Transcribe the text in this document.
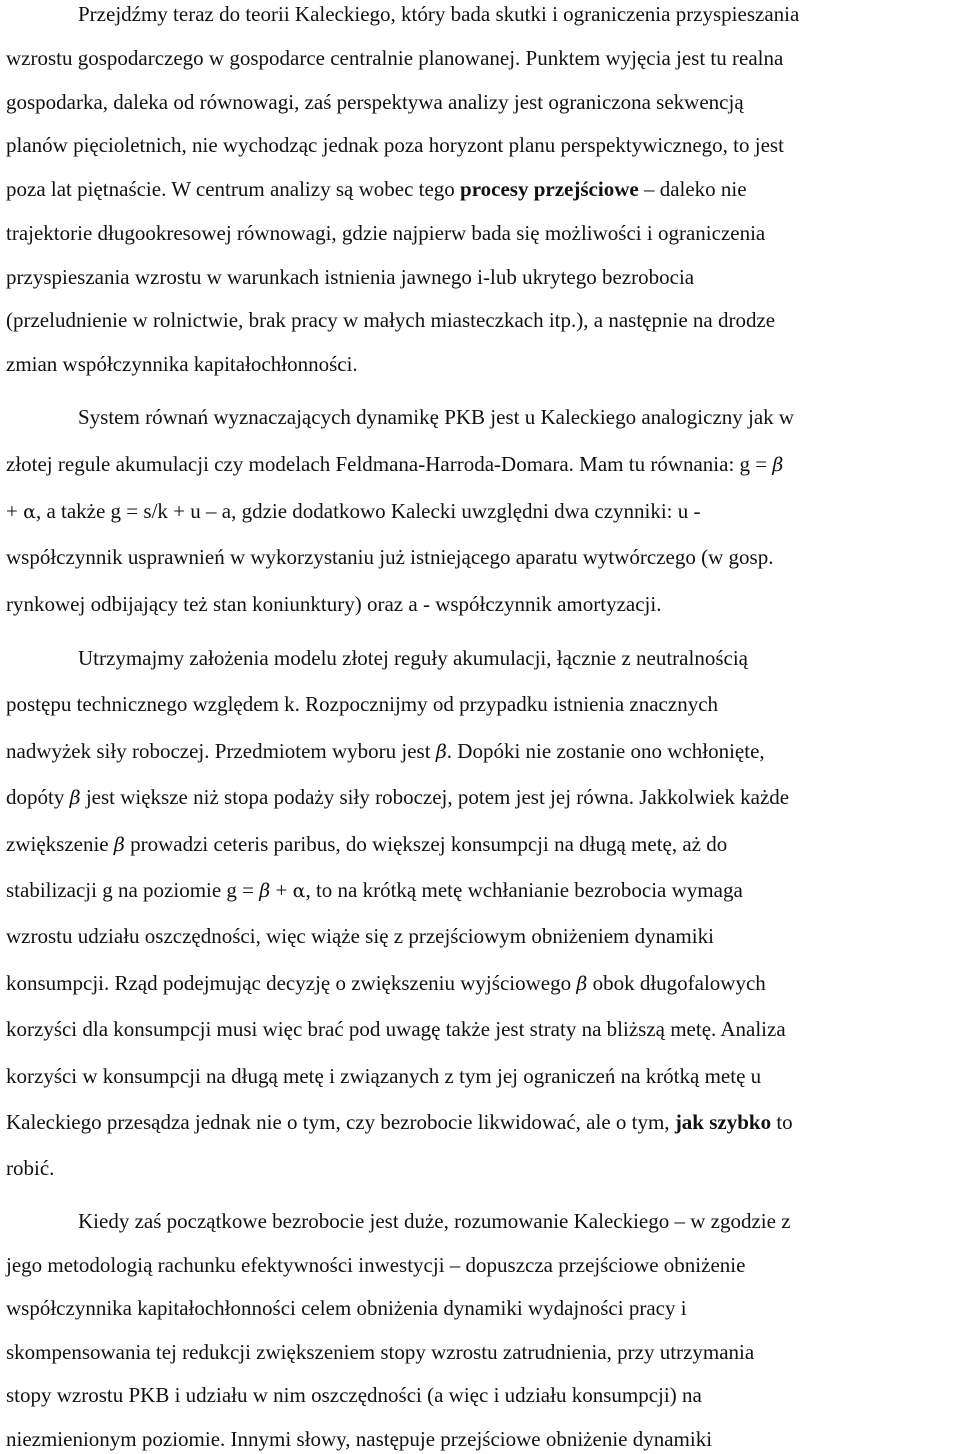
Przejdźmy teraz do teorii Kaleckiego, który bada skutki i ograniczenia przyspieszania
wzrostu gospodarczego w gospodarce centralnie planowanej. Punktem wyjęcia jest tu realna
gospodarka, daleka od równowagi, zaś perspektywa analizy jest ograniczona sekwencją
planów pięcioletnich, nie wychodząc jednak poza horyzont planu perspektywicznego, to jest
poza lat piętnaście. W centrum analizy są wobec tego procesy przejściowe – daleko nie
trajektorie długookresowej równowagi, gdzie najpierw bada się możliwości i ograniczenia
przyspieszania wzrostu w warunkach istnienia jawnego i-lub ukrytego bezrobocia
(przeludnienie w rolnictwie, brak pracy w małych miasteczkach itp.), a następnie na drodze
zmian współczynnika kapitałochłonności.
System równań wyznaczających dynamikę PKB jest u Kaleckiego analogiczny jak w
złotej regule akumulacji czy modelach Feldmana-Harroda-Domara. Mam tu równania: g = β
+ α, a także g = s/k + u – a, gdzie dodatkowo Kalecki uwzględni dwa czynniki: u -
współczynnik usprawnień w wykorzystaniu już istniejącego aparatu wytwórczego (w gosp.
rynkowej odbijający też stan koniunktury) oraz a - współczynnik amortyzacji.
Utrzymajmy założenia modelu złotej reguły akumulacji, łącznie z neutralnością
postępu technicznego względem k. Rozpocznijmy od przypadku istnienia znacznych
nadwyżek siły roboczej. Przedmiotem wyboru jest β. Dopóki nie zostanie ono wchłonięte,
dopóty β jest większe niż stopa podaży siły roboczej, potem jest jej równa. Jakkolwiek każde
zwiększenie β prowadzi ceteris paribus, do większej konsumpcji na długą metę, aż do
stabilizacji g na poziomie g = β + α, to na krótką metę wchłanianie bezrobocia wymaga
wzrostu udziału oszczędności, więc wiąże się z przejściowym obniżeniem dynamiki
konsumpcji. Rząd podejmując decyzję o zwiększeniu wyjściowego β obok długofalowych
korzyści dla konsumpcji musi więc brać pod uwagę także jest straty na bliższą metę. Analiza
korzyści w konsumpcji na długą metę i związanych z tym jej ograniczeń na krótką metę u
Kaleckiego przesądza jednak nie o tym, czy bezrobocie likwidować, ale o tym, jak szybko to
robić.
Kiedy zaś początkowe bezrobocie jest duże, rozumowanie Kaleckiego – w zgodzie z
jego metodologią rachunku efektywności inwestycji – dopuszcza przejściowe obniżenie
współczynnika kapitałochłonności celem obniżenia dynamiki wydajności pracy i
skompensowania tej redukcji zwiększeniem stopy wzrostu zatrudnienia, przy utrzymania
stopy wzrostu PKB i udziału w nim oszczędności (a więc i udziału konsumpcji) na
niezmienionym poziomie. Innymi słowy, następuje przejściowe obniżenie dynamiki
